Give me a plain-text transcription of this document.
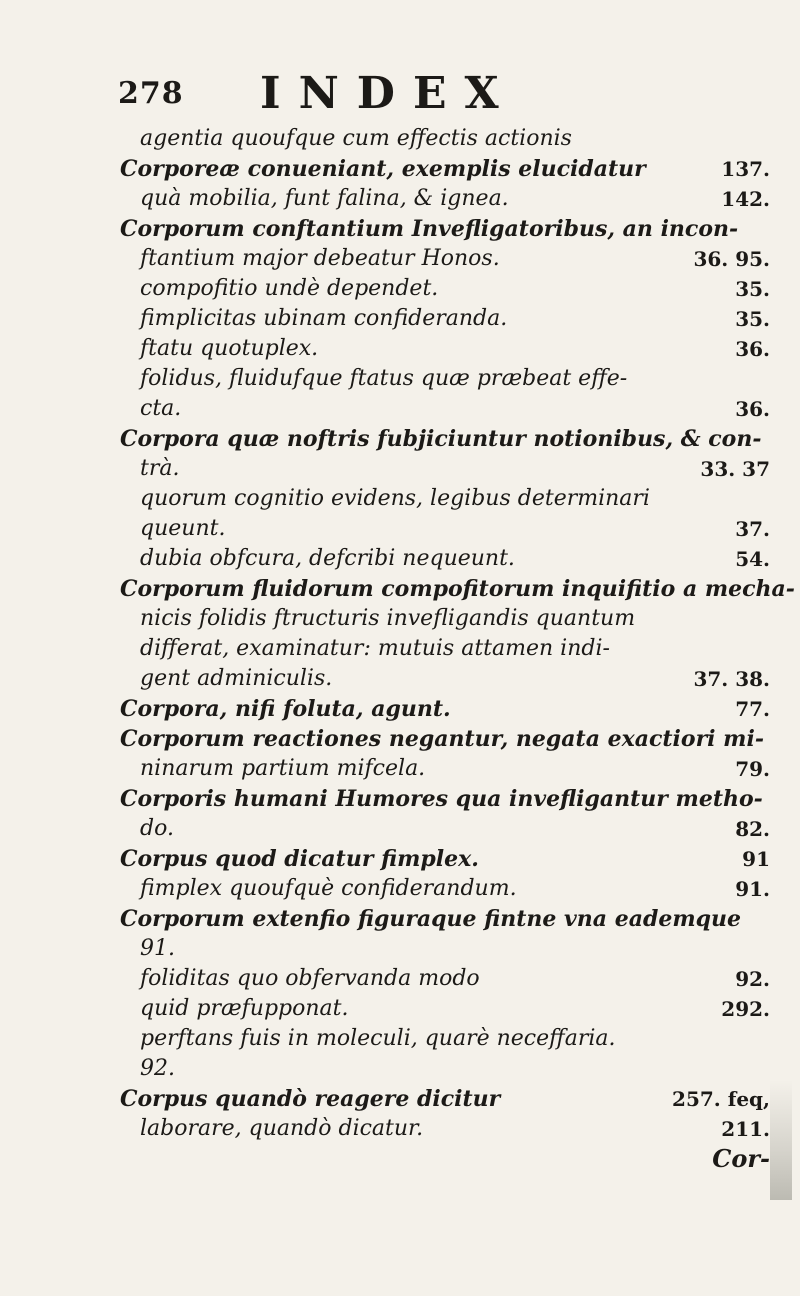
278 INDEX
agentia quoufque cum effectis actionis
Corporeæ conueniant, exemplis elucidatur	137.
quà mobilia, funt falina, & ignea.	142.
Corporum conftantium Invefligatoribus, an incon-
ftantium major debeatur Honos.	36. 95.
compofitio undè dependet.	35.
fimplicitas ubinam confideranda.	35.
ftatu quotuplex.	36.
folidus, fluidufque ftatus quæ præbeat effe-
cta.	36.
Corpora quæ noftris fubjiciuntur notionibus, & con-
trà.	33. 37
quorum cognitio evidens, legibus determinari
queunt.	37.
dubia obfcura, defcribi nequeunt.	54.
Corporum fluidorum compofitorum inquifitio a mecha-
nicis folidis ftructuris invefligandis quantum
differat, examinatur: mutuis attamen indi-
gent adminiculis.	37. 38.
Corpora, nifi foluta, agunt.	77.
Corporum reactiones negantur, negata exactiori mi-
ninarum partium mifcela.	79.
Corporis humani Humores qua invefligantur metho-
do.	82.
Corpus quod dicatur fimplex.	91
fimplex quoufquè confiderandum.	91.
Corporum extenfio figuraque fintne vna eademque
91.
foliditas quo obfervanda modo	92.
quid præfupponat.	292.
perftans fuis in moleculi, quarè neceffaria.
92.
Corpus quandò reagere dicitur	257. feq,
laborare, quandò dicatur.	211.
Cor-
